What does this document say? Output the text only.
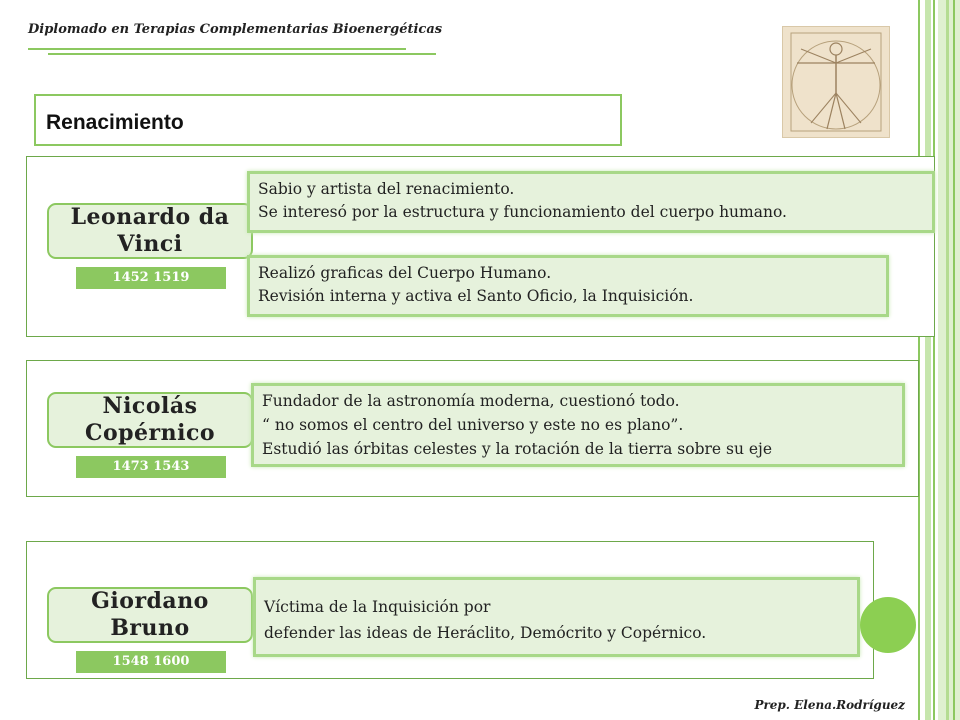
Diplomado en Terapias Complementarias Bioenergéticas
Renacimiento
Leonardo da
Vinci
1452 1519
Sabio y artista del renacimiento.
Se interesó por la estructura y funcionamiento del cuerpo humano.
Realizó graficas del Cuerpo Humano.
Revisión interna y activa el Santo Oficio, la Inquisición.
Nicolás
Copérnico
1473 1543
Fundador de la astronomía moderna, cuestionó todo.
“ no somos el centro del universo y este no es plano”.
Estudió las órbitas celestes y la rotación de la tierra sobre su eje
Giordano
Bruno
1548 1600
Víctima de la Inquisición por
defender las ideas de Heráclito, Demócrito y Copérnico.
Prep. Elena.Rodríguez
